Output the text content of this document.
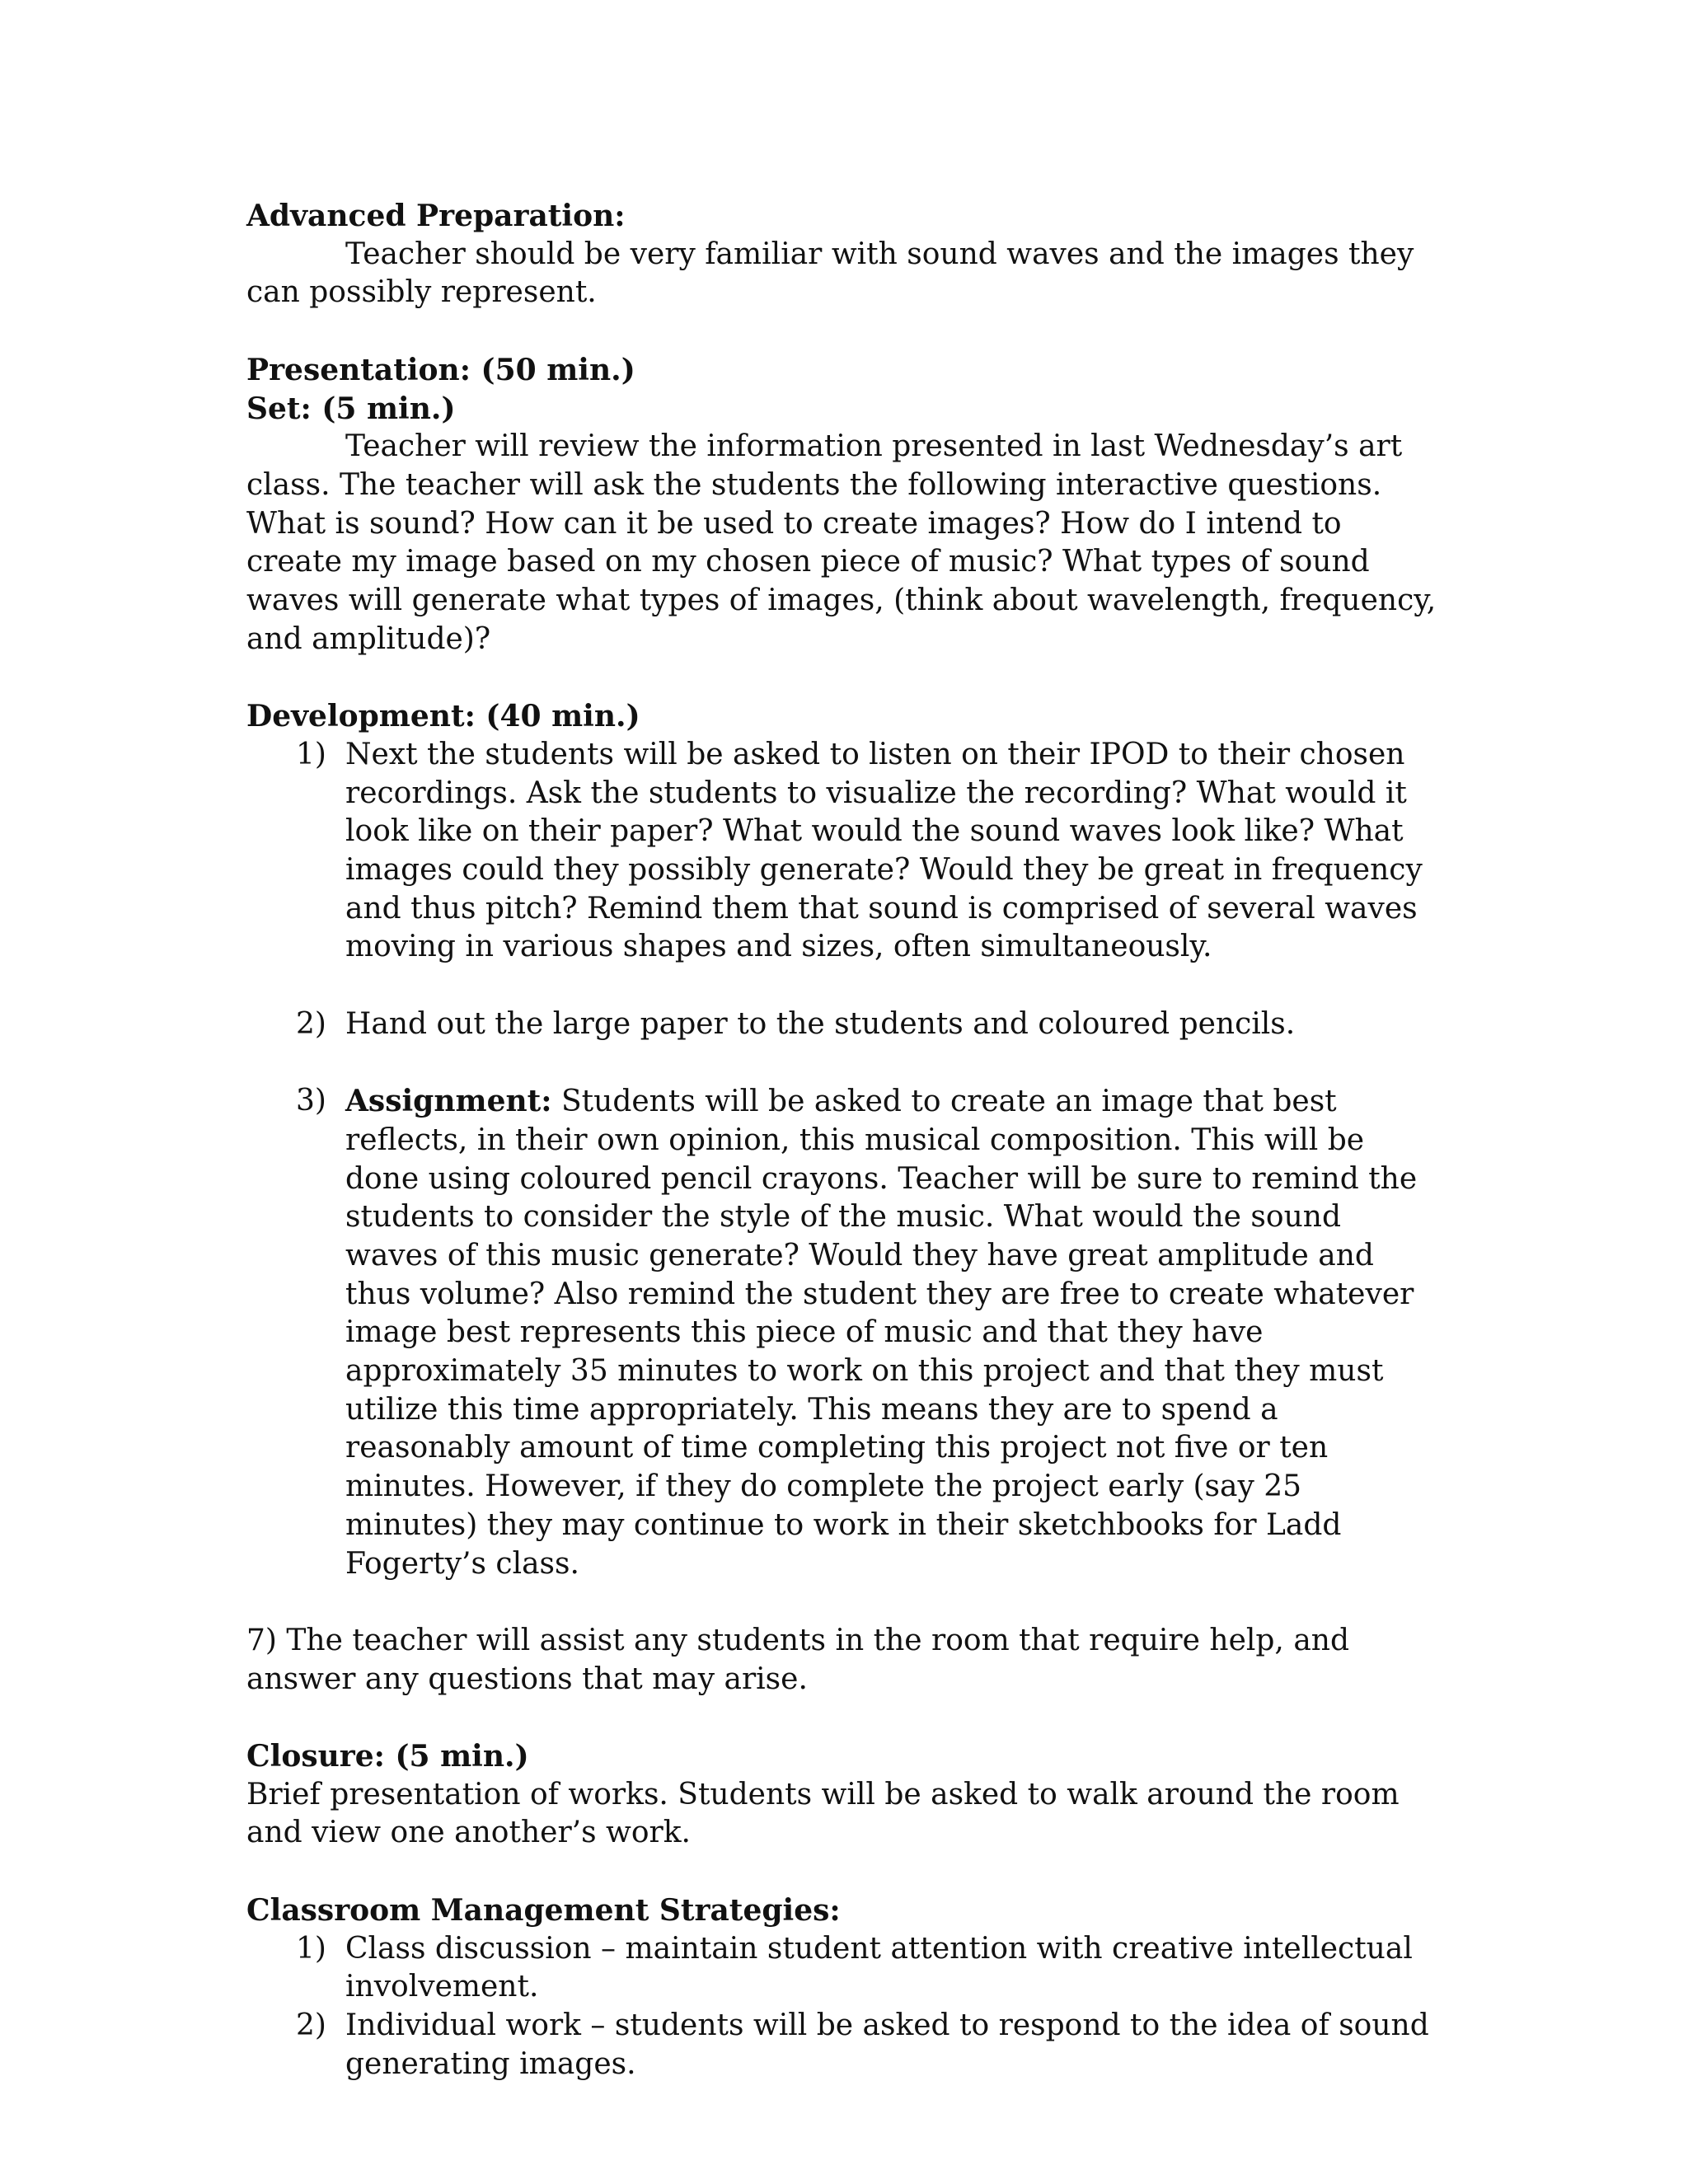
Advanced Preparation:

Teacher should be very familiar with sound waves and the images they can possibly represent.

Presentation: (50 min.)

Set: (5 min.)

Teacher will review the information presented in last Wednesday’s art class. The teacher will ask the students the following interactive questions. What is sound? How can it be used to create images? How do I intend to create my image based on my chosen piece of music? What types of sound waves will generate what types of images, (think about wavelength, frequency, and amplitude)?

Development: (40 min.)

1) Next the students will be asked to listen on their IPOD to their chosen recordings. Ask the students to visualize the recording? What would it look like on their paper? What would the sound waves look like? What images could they possibly generate? Would they be great in frequency and thus pitch? Remind them that sound is comprised of several waves moving in various shapes and sizes, often simultaneously.
2) Hand out the large paper to the students and coloured pencils.
3) Assignment: Students will be asked to create an image that best reflects, in their own opinion, this musical composition. This will be done using coloured pencil crayons. Teacher will be sure to remind the students to consider the style of the music. What would the sound waves of this music generate? Would they have great amplitude and thus volume? Also remind the student they are free to create whatever image best represents this piece of music and that they have approximately 35 minutes to work on this project and that they must utilize this time appropriately. This means they are to spend a reasonably amount of time completing this project not five or ten minutes. However, if they do complete the project early (say 25 minutes) they may continue to work in their sketchbooks for Ladd Fogerty’s class.

7) The teacher will assist any students in the room that require help, and answer any questions that may arise.

Closure: (5 min.)

Brief presentation of works. Students will be asked to walk around the room and view one another’s work.

Classroom Management Strategies:

1) Class discussion – maintain student attention with creative intellectual involvement.
2) Individual work – students will be asked to respond to the idea of sound generating images.
